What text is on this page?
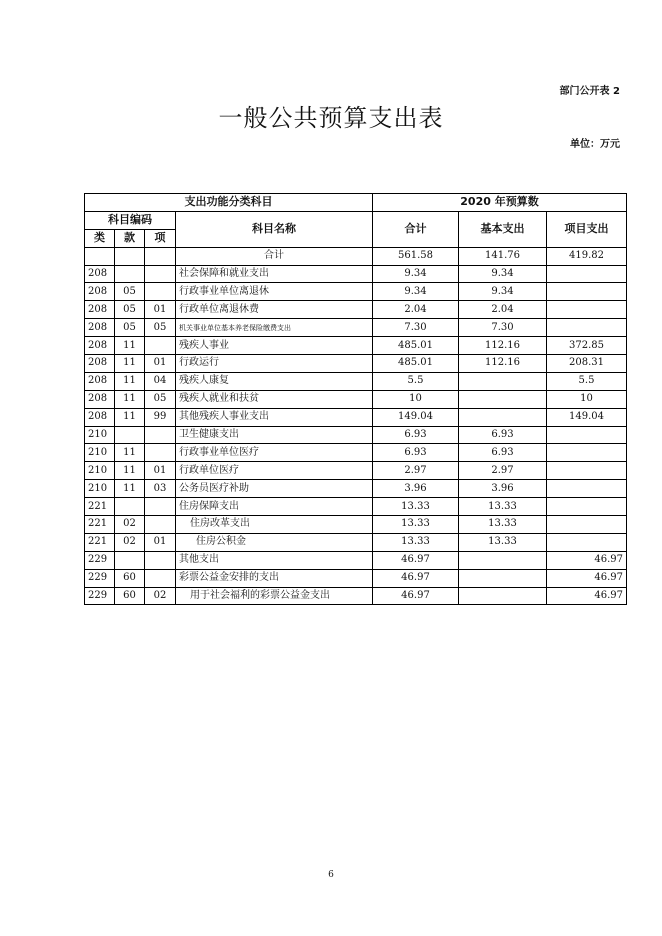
部门公开表 2
一般公共预算支出表
单位：万元
支出功能分类科目				2020 年预算数		
科目编码			科目名称	合计	基本支出	项目支出
类	款	项				
			合计	561.58	141.76	419.82
208			社会保障和就业支出	9.34	9.34	
208	05		行政事业单位离退休	9.34	9.34	
208	05	01	行政单位离退休费	2.04	2.04	
208	05	05	机关事业单位基本养老保险缴费支出	7.30	7.30	
208	11		残疾人事业	485.01	112.16	372.85
208	11	01	行政运行	485.01	112.16	208.31
208	11	04	残疾人康复	5.5		5.5
208	11	05	残疾人就业和扶贫	10		10
208	11	99	其他残疾人事业支出	149.04		149.04
210			卫生健康支出	6.93	6.93	
210	11		行政事业单位医疗	6.93	6.93	
210	11	01	行政单位医疗	2.97	2.97	
210	11	03	公务员医疗补助	3.96	3.96	
221			住房保障支出	13.33	13.33	
221	02		住房改革支出	13.33	13.33	
221	02	01	住房公积金	13.33	13.33	
229			其他支出	46.97		46.97
229	60		彩票公益金安排的支出	46.97		46.97
229	60	02	用于社会福利的彩票公益金支出	46.97		46.97
6
